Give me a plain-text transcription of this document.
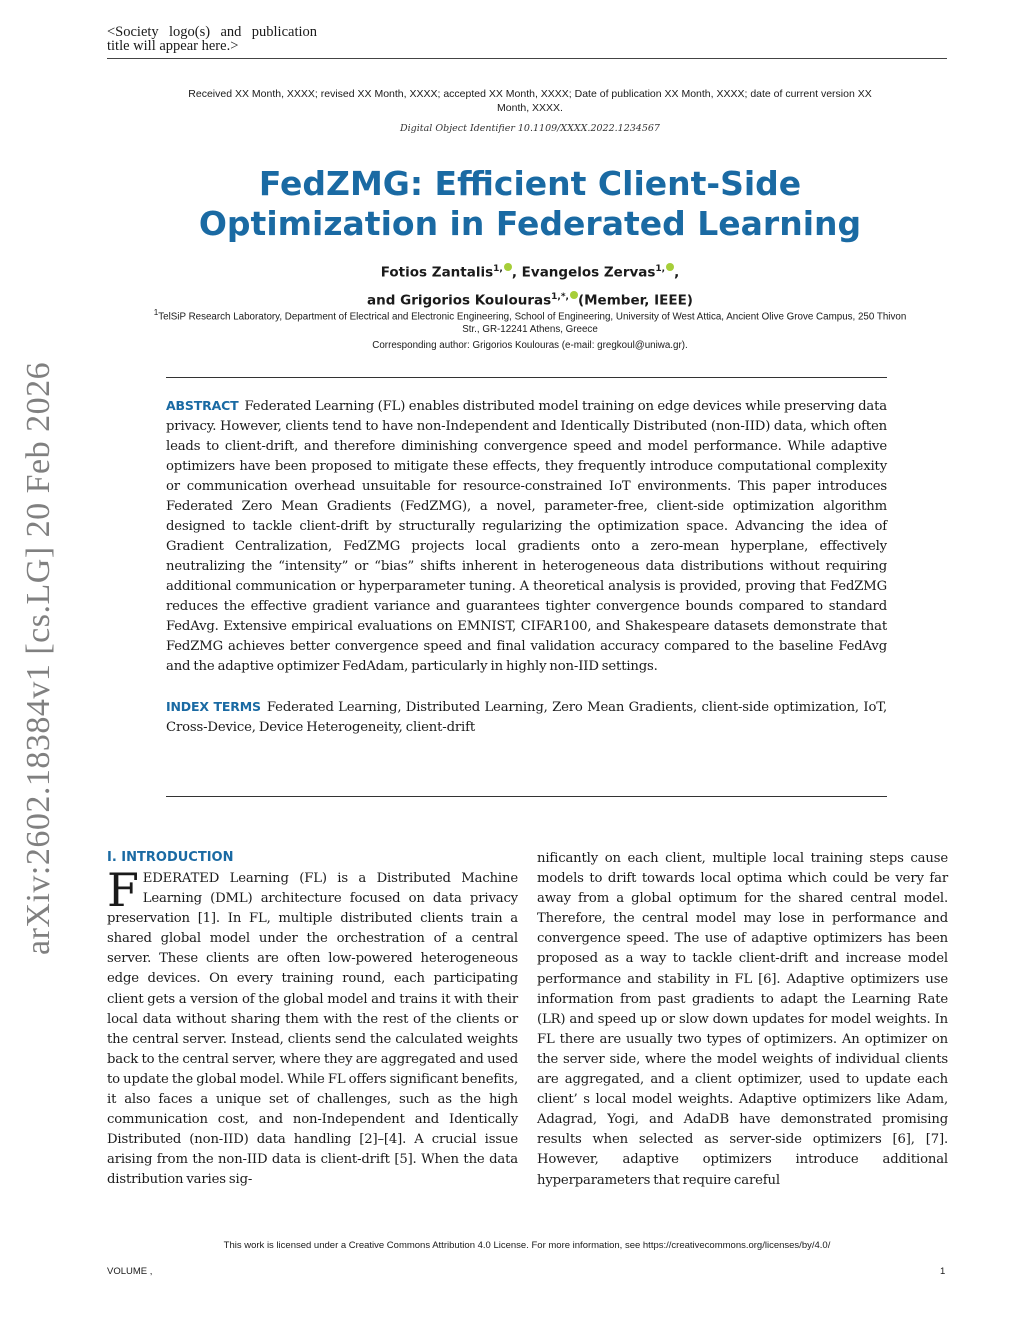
<Society logo(s) and publication title will appear here.>
Received XX Month, XXXX; revised XX Month, XXXX; accepted XX Month, XXXX; Date of publication XX Month, XXXX; date of current version XX Month, XXXX.
Digital Object Identifier 10.1109/XXXX.2022.1234567
FedZMG: Efficient Client-Side
Optimization in Federated Learning
Fotios Zantalis$^{1,}$ , Evangelos Zervas$^{1,}$ ,
and Grigorios Koulouras$^{1,*,}$ (Member, IEEE)
$^1$TelSiP Research Laboratory, Department of Electrical and Electronic Engineering, School of Engineering, University of West Attica, Ancient Olive Grove Campus, 250 Thivon Str., GR-12241 Athens, Greece
Corresponding author: Grigorios Koulouras (e-mail: gregkoul@uniwa.gr).
ABSTRACT Federated Learning (FL) enables distributed model training on edge devices while preserving data privacy. However, clients tend to have non-Independent and Identically Distributed (non-IID) data, which often leads to client-drift, and therefore diminishing convergence speed and model performance. While adaptive optimizers have been proposed to mitigate these effects, they frequently introduce computational complexity or communication overhead unsuitable for resource-constrained IoT environments. This paper introduces Federated Zero Mean Gradients (FedZMG), a novel, parameter-free, client-side optimization algorithm designed to tackle client-drift by structurally regularizing the optimization space. Advancing the idea of Gradient Centralization, FedZMG projects local gradients onto a zero-mean hyperplane, effectively neutralizing the “intensity” or “bias” shifts inherent in heterogeneous data distributions without requiring additional communication or hyperparameter tuning. A theoretical analysis is provided, proving that FedZMG reduces the effective gradient variance and guarantees tighter convergence bounds compared to standard FedAvg. Extensive empirical evaluations on EMNIST, CIFAR100, and Shakespeare datasets demonstrate that FedZMG achieves better convergence speed and final validation accuracy compared to the baseline FedAvg and the adaptive optimizer FedAdam, particularly in highly non-IID settings.
INDEX TERMS Federated Learning, Distributed Learning, Zero Mean Gradients, client-side optimization, IoT, Cross-Device, Device Heterogeneity, client-drift
arXiv:2602.18384v1 [cs.LG] 20 Feb 2026	I. INTRODUCTION
FEDERATED Learning (FL) is a Distributed Machine Learning (DML) architecture focused on data privacy preservation [1]. In FL, multiple distributed clients train a shared global model under the orchestration of a central server. These clients are often low-powered heterogeneous edge devices. On every training round, each participating client gets a version of the global model and trains it with their local data without sharing them with the rest of the clients or the central server. Instead, clients send the calculated weights back to the central server, where they are aggregated and used to update the global model. While FL offers significant benefits, it also faces a unique set of challenges, such as the high communication cost, and non-Independent and Identically Distributed (non-IID) data handling [2]–[4]. A crucial issue arising from the non-IID data is client-drift [5]. When the data distribution varies sig-
nificantly on each client, multiple local training steps cause models to drift towards local optima which could be very far away from a global optimum for the shared central model. Therefore, the central model may lose in performance and convergence speed. The use of adaptive optimizers has been proposed as a way to tackle client-drift and increase model performance and stability in FL [6]. Adaptive optimizers use information from past gradients to adapt the Learning Rate (LR) and speed up or slow down updates for model weights. In FL there are usually two types of optimizers. An optimizer on the server side, where the model weights of individual clients are aggregated, and a client optimizer, used to update each client’ s local model weights. Adaptive optimizers like Adam, Adagrad, Yogi, and AdaDB have demonstrated promising results when selected as server-side optimizers [6], [7]. However, adaptive optimizers introduce additional hyperparameters that require careful
This work is licensed under a Creative Commons Attribution 4.0 License. For more information, see https://creativecommons.org/licenses/by/4.0/
VOLUME ,	1
